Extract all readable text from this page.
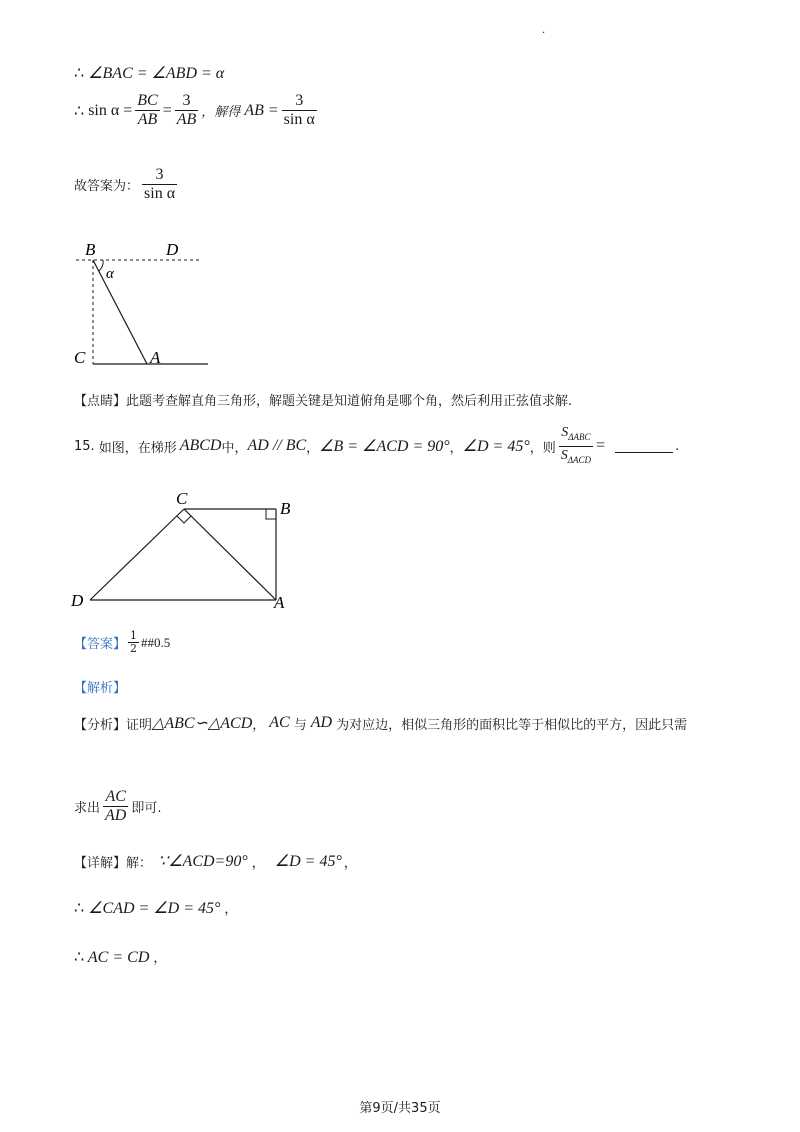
·
∴ ∠BAC = ∠ABD = α
∴ $\sin \alpha = \frac{BC}{AB} = \frac{3}{AB}$ ，解得 AB = $\frac{3}{\text{sin α}}$
故答案为： $\frac{3}{\text{sin α}}$
B	D
C	A
α
【点睛】此题考查解直角三角形，解题关键是知道俯角是哪个角，然后利用正弦值求解.
15. 如图，在梯形 ABCD 中， AD // BC ， ∠B = ∠ACD = 90° ， ∠D = 45° ，则 $\frac{S_{\Delta ABC}}{S_{\Delta ACD}}$ =	.
C
B
D	A
【答案】 $\frac{1}{2}$ ##0.5
【解析】
【分析】 证明 △ABC∽△ACD ， AC 与 AD 为对应边，相似三角形的面积比等于相似比的平方，因此只需
求出 $\frac{AC}{AD}$ 即可.
【详解】 解： ∵∠ACD=90° ， ∠D = 45° ，
∴ ∠CAD = ∠D = 45° ，
∴ AC = CD ，
第9页/共35页
